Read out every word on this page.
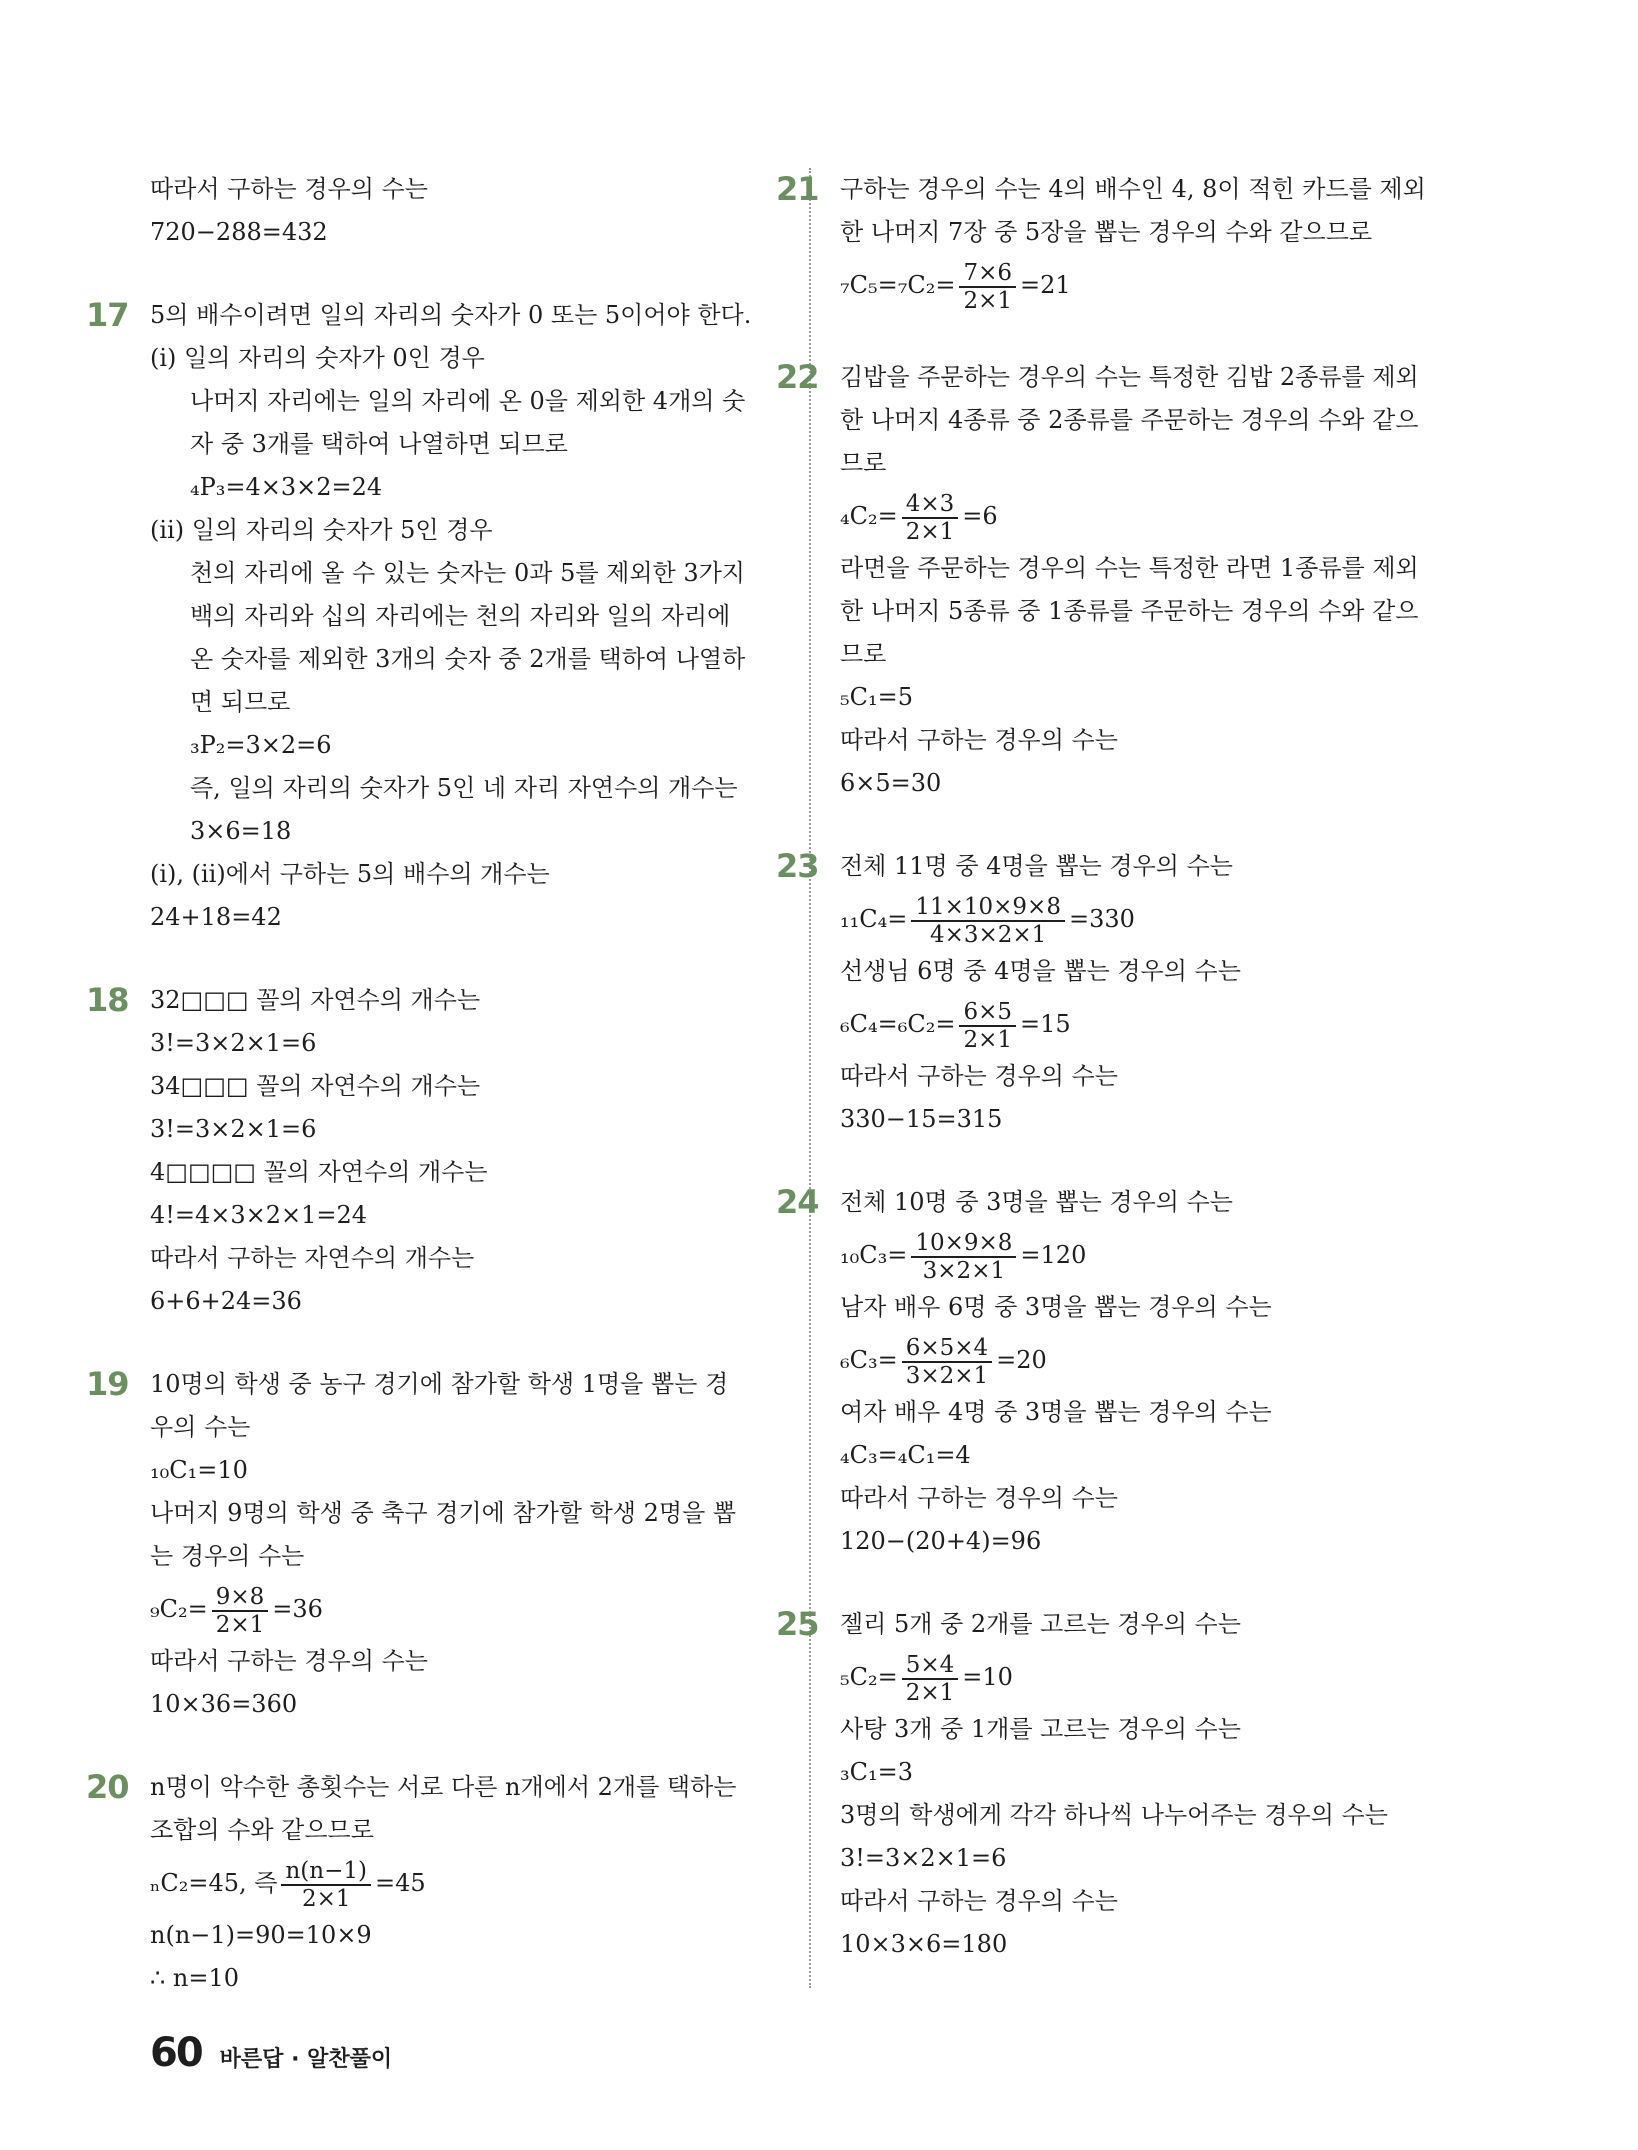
따라서 구하는 경우의 수는
720−288=432
17 5의 배수이려면 일의 자리의 숫자가 0 또는 5이어야 한다.
(ⅰ) 일의 자리의 숫자가 0인 경우
나머지 자리에는 일의 자리에 온 0을 제외한 4개의 숫
자 중 3개를 택하여 나열하면 되므로
₄P₃=4×3×2=24
(ⅱ) 일의 자리의 숫자가 5인 경우
천의 자리에 올 수 있는 숫자는 0과 5를 제외한 3가지
백의 자리와 십의 자리에는 천의 자리와 일의 자리에
온 숫자를 제외한 3개의 숫자 중 2개를 택하여 나열하
면 되므로
₃P₂=3×2=6
즉, 일의 자리의 숫자가 5인 네 자리 자연수의 개수는
3×6=18
(ⅰ), (ⅱ)에서 구하는 5의 배수의 개수는
24+18=42
18 32□□□ 꼴의 자연수의 개수는
3!=3×2×1=6
34□□□ 꼴의 자연수의 개수는
3!=3×2×1=6
4□□□□ 꼴의 자연수의 개수는
4!=4×3×2×1=24
따라서 구하는 자연수의 개수는
6+6+24=36
19 10명의 학생 중 농구 경기에 참가할 학생 1명을 뽑는 경
우의 수는
₁₀C₁=10
나머지 9명의 학생 중 축구 경기에 참가할 학생 2명을 뽑
는 경우의 수는
$_9C_2= \frac{9\times 8}{2\times 1} =36$
따라서 구하는 경우의 수는
10×36=360
20 n명이 악수한 총횟수는 서로 다른 n개에서 2개를 택하는
조합의 수와 같으므로
ₙC₂=45, 즉 $\frac{n(n-1)}{2\times 1} =45$
n(n−1)=90=10×9
∴ n=10
21 구하는 경우의 수는 4의 배수인 4, 8이 적힌 카드를 제외
한 나머지 7장 중 5장을 뽑는 경우의 수와 같으므로
$_7C_5=_7C_2= \frac{7\times 6}{2\times 1} =21$
22 김밥을 주문하는 경우의 수는 특정한 김밥 2종류를 제외
한 나머지 4종류 중 2종류를 주문하는 경우의 수와 같으
므로
$_4C_2= \frac{4\times 3}{2\times 1} =6$
라면을 주문하는 경우의 수는 특정한 라면 1종류를 제외
한 나머지 5종류 중 1종류를 주문하는 경우의 수와 같으
므로
₅C₁=5
따라서 구하는 경우의 수는
6×5=30
23 전체 11명 중 4명을 뽑는 경우의 수는
$_{11}C_4= \frac{11\times 10\times 9\times 8}{4\times 3\times 2\times 1} =330$
선생님 6명 중 4명을 뽑는 경우의 수는
$_6C_4=_6C_2= \frac{6\times 5}{2\times 1} =15$
따라서 구하는 경우의 수는
330−15=315
24 전체 10명 중 3명을 뽑는 경우의 수는
$_{10}C_3= \frac{10\times 9\times 8}{3\times 2\times 1} =120$
남자 배우 6명 중 3명을 뽑는 경우의 수는
$_6C_3= \frac{6\times 5\times 4}{3\times 2\times 1} =20$
여자 배우 4명 중 3명을 뽑는 경우의 수는
₄C₃=₄C₁=4
따라서 구하는 경우의 수는
120−(20+4)=96
25 젤리 5개 중 2개를 고르는 경우의 수는
$_5C_2= \frac{5\times 4}{2\times 1} =10$
사탕 3개 중 1개를 고르는 경우의 수는
₃C₁=3
3명의 학생에게 각각 하나씩 나누어주는 경우의 수는
3!=3×2×1=6
따라서 구하는 경우의 수는
10×3×6=180
60 바른답 · 알찬풀이
